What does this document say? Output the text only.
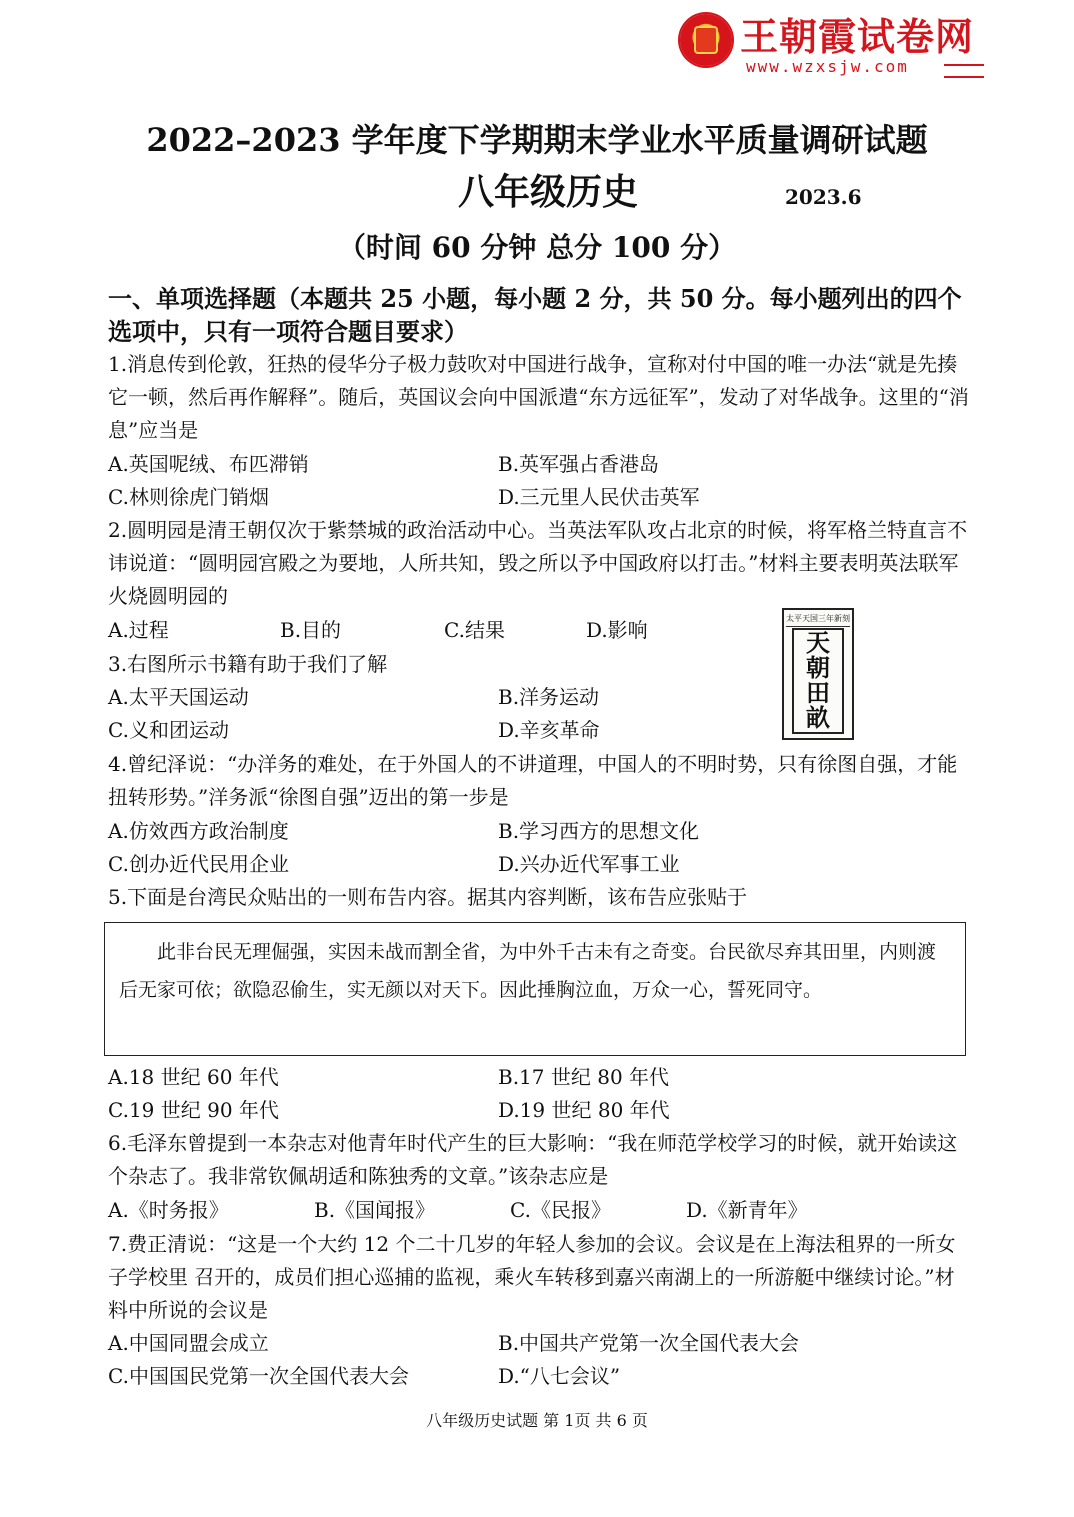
王朝霞试卷网
www.wzxsjw.com
2022–2023 学年度下学期期末学业水平质量调研试题
八年级历史	2023.6
（时间 60 分钟 总分 100 分）
一、单项选择题（本题共 25 小题，每小题 2 分，共 50 分。每小题列出的四个选项中，只有一项符合题目要求）
1.消息传到伦敦，狂热的侵华分子极力鼓吹对中国进行战争，宣称对付中国的唯一办法“就是先揍它一顿，然后再作解释”。随后，英国议会向中国派遣“东方远征军”，发动了对华战争。这里的“消息”应当是
A.英国呢绒、布匹滞销	B.英军强占香港岛
C.林则徐虎门销烟	D.三元里人民伏击英军
2.圆明园是清王朝仅次于紫禁城的政治活动中心。当英法军队攻占北京的时候，将军格兰特直言不讳说道：“圆明园宫殿之为要地，人所共知，毁之所以予中国政府以打击。”材料主要表明英法联军火烧圆明园的
A.过程	B.目的	C.结果	D.影响	太平天国三年新刻
天
朝
田
畝
3.右图所示书籍有助于我们了解
A.太平天国运动	B.洋务运动
C.义和团运动	D.辛亥革命
4.曾纪泽说：“办洋务的难处，在于外国人的不讲道理，中国人的不明时势，只有徐图自强，才能扭转形势。”洋务派“徐图自强”迈出的第一步是
A.仿效西方政治制度	B.学习西方的思想文化
C.创办近代民用企业	D.兴办近代军事工业
5.下面是台湾民众贴出的一则布告内容。据其内容判断，该布告应张贴于
此非台民无理倔强，实因未战而割全省，为中外千古未有之奇变。台民欲尽弃其田里，内则渡后无家可依；欲隐忍偷生，实无颜以对天下。因此捶胸泣血，万众一心，誓死同守。
A.18 世纪 60 年代	B.17 世纪 80 年代
C.19 世纪 90 年代	D.19 世纪 80 年代
6.毛泽东曾提到一本杂志对他青年时代产生的巨大影响：“我在师范学校学习的时候，就开始读这个杂志了。我非常钦佩胡适和陈独秀的文章。”该杂志应是
A.《时务报》	B.《国闻报》	C.《民报》	D.《新青年》
7.费正清说：“这是一个大约 12 个二十几岁的年轻人参加的会议。会议是在上海法租界的一所女子学校里 召开的，成员们担心巡捕的监视，乘火车转移到嘉兴南湖上的一所游艇中继续讨论。”材料中所说的会议是
A.中国同盟会成立	B.中国共产党第一次全国代表大会
C.中国国民党第一次全国代表大会	D.“八七会议”
八年级历史试题 第 1页 共 6 页
